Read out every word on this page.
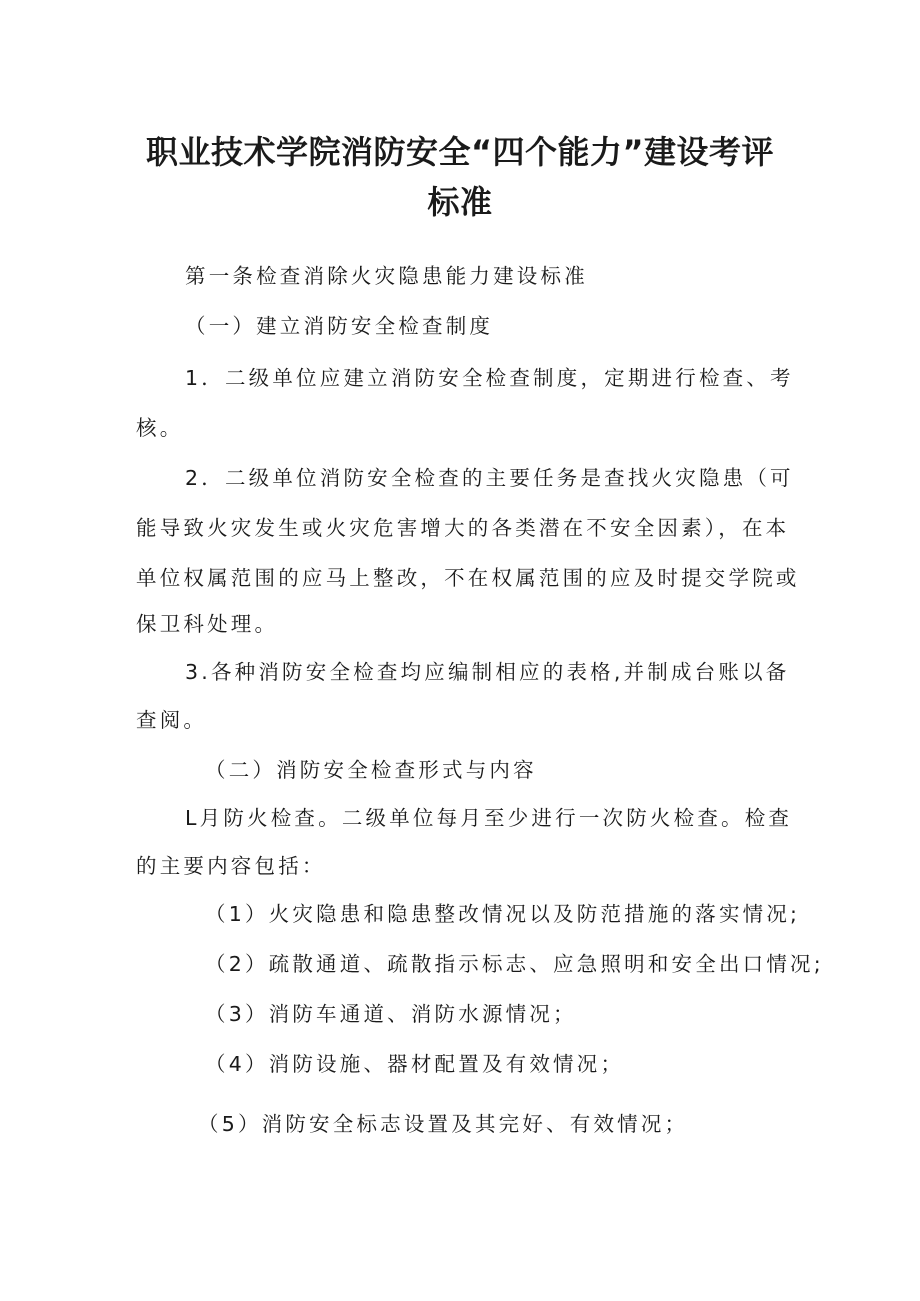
职业技术学院消防安全“四个能力”建设考评
标准
第一条检查消除火灾隐患能力建设标准
（一）建立消防安全检查制度
1．二级单位应建立消防安全检查制度，定期进行检查、考
核。
2．二级单位消防安全检查的主要任务是查找火灾隐患（可
能导致火灾发生或火灾危害增大的各类潜在不安全因素），在本
单位权属范围的应马上整改，不在权属范围的应及时提交学院或
保卫科处理。
3.各种消防安全检查均应编制相应的表格,并制成台账以备
查阅。
（二）消防安全检查形式与内容
L月防火检查。二级单位每月至少进行一次防火检查。检查
的主要内容包括：
（1）火灾隐患和隐患整改情况以及防范措施的落实情况;
（2）疏散通道、疏散指示标志、应急照明和安全出口情况;
（3）消防车通道、消防水源情况；
（4）消防设施、器材配置及有效情况；
（5）消防安全标志设置及其完好、有效情况；
